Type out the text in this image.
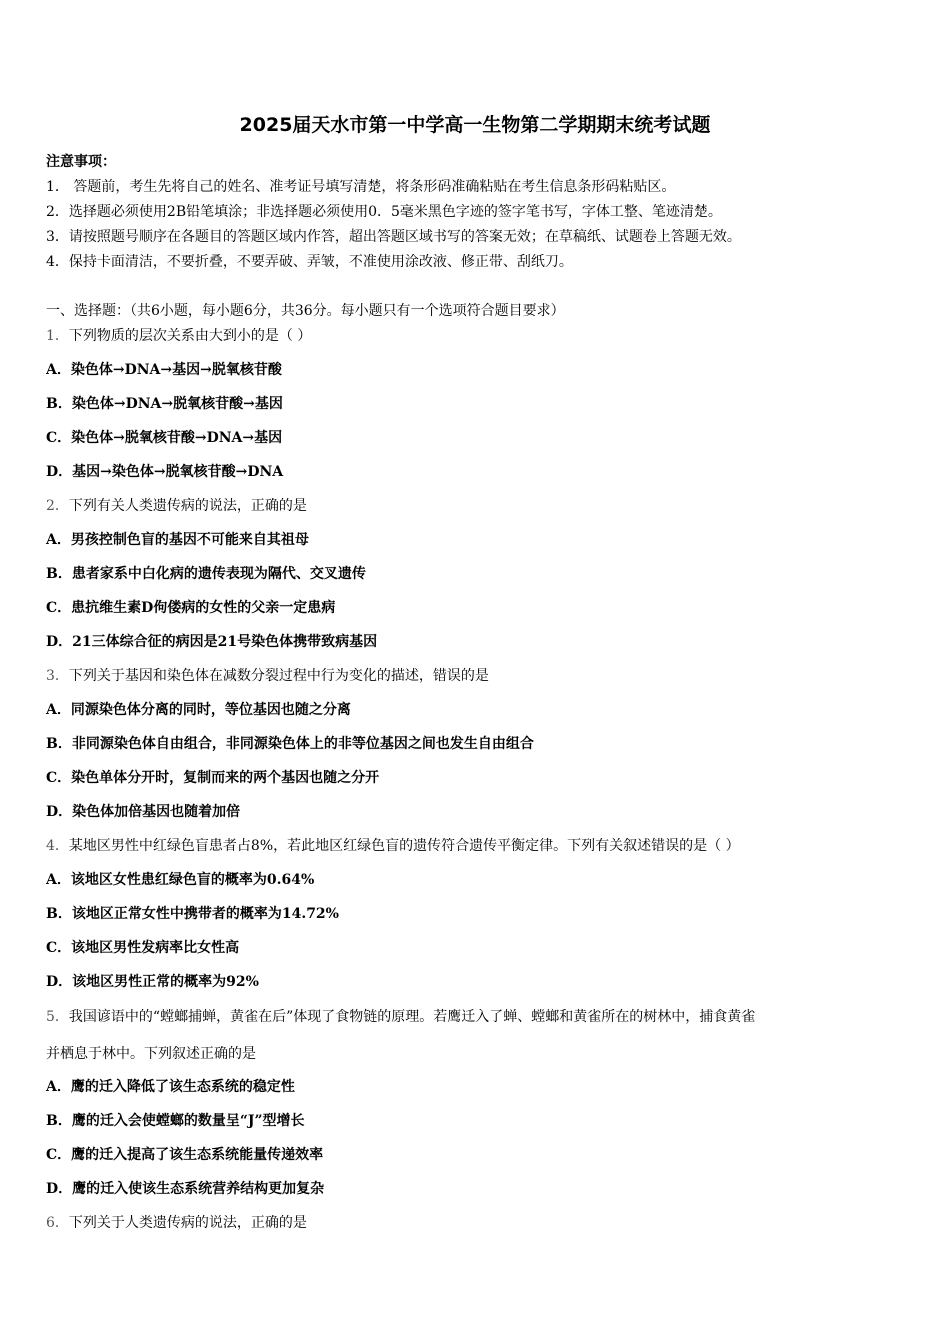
2025届天水市第一中学高一生物第二学期期末统考试题
注意事项：
1． 答题前，考生先将自己的姓名、准考证号填写清楚，将条形码准确粘贴在考生信息条形码粘贴区。
2．选择题必须使用2B铅笔填涂；非选择题必须使用0．5毫米黑色字迹的签字笔书写，字体工整、笔迹清楚。
3．请按照题号顺序在各题目的答题区域内作答，超出答题区域书写的答案无效；在草稿纸、试题卷上答题无效。
4．保持卡面清洁，不要折叠，不要弄破、弄皱，不准使用涂改液、修正带、刮纸刀。
一、选择题：（共6小题，每小题6分，共36分。每小题只有一个选项符合题目要求）
1．下列物质的层次关系由大到小的是（ ）
A．染色体→DNA→基因→脱氧核苷酸
B．染色体→DNA→脱氧核苷酸→基因
C．染色体→脱氧核苷酸→DNA→基因
D．基因→染色体→脱氧核苷酸→DNA
2．下列有关人类遗传病的说法，正确的是
A．男孩控制色盲的基因不可能来自其祖母
B．患者家系中白化病的遗传表现为隔代、交叉遗传
C．患抗维生素D佝偻病的女性的父亲一定患病
D．21三体综合征的病因是21号染色体携带致病基因
3．下列关于基因和染色体在减数分裂过程中行为变化的描述，错误的是
A．同源染色体分离的同时，等位基因也随之分离
B．非同源染色体自由组合，非同源染色体上的非等位基因之间也发生自由组合
C．染色单体分开时，复制而来的两个基因也随之分开
D．染色体加倍基因也随着加倍
4．某地区男性中红绿色盲患者占8%，若此地区红绿色盲的遗传符合遗传平衡定律。下列有关叙述错误的是（ ）
A．该地区女性患红绿色盲的概率为0.64%
B．该地区正常女性中携带者的概率为14.72%
C．该地区男性发病率比女性高
D．该地区男性正常的概率为92%
5．我国谚语中的“螳螂捕蝉，黄雀在后”体现了食物链的原理。若鹰迁入了蝉、螳螂和黄雀所在的树林中，捕食黄雀
并栖息于林中。下列叙述正确的是
A．鹰的迁入降低了该生态系统的稳定性
B．鹰的迁入会使螳螂的数量呈“J”型增长
C．鹰的迁入提高了该生态系统能量传递效率
D．鹰的迁入使该生态系统营养结构更加复杂
6．下列关于人类遗传病的说法，正确的是
